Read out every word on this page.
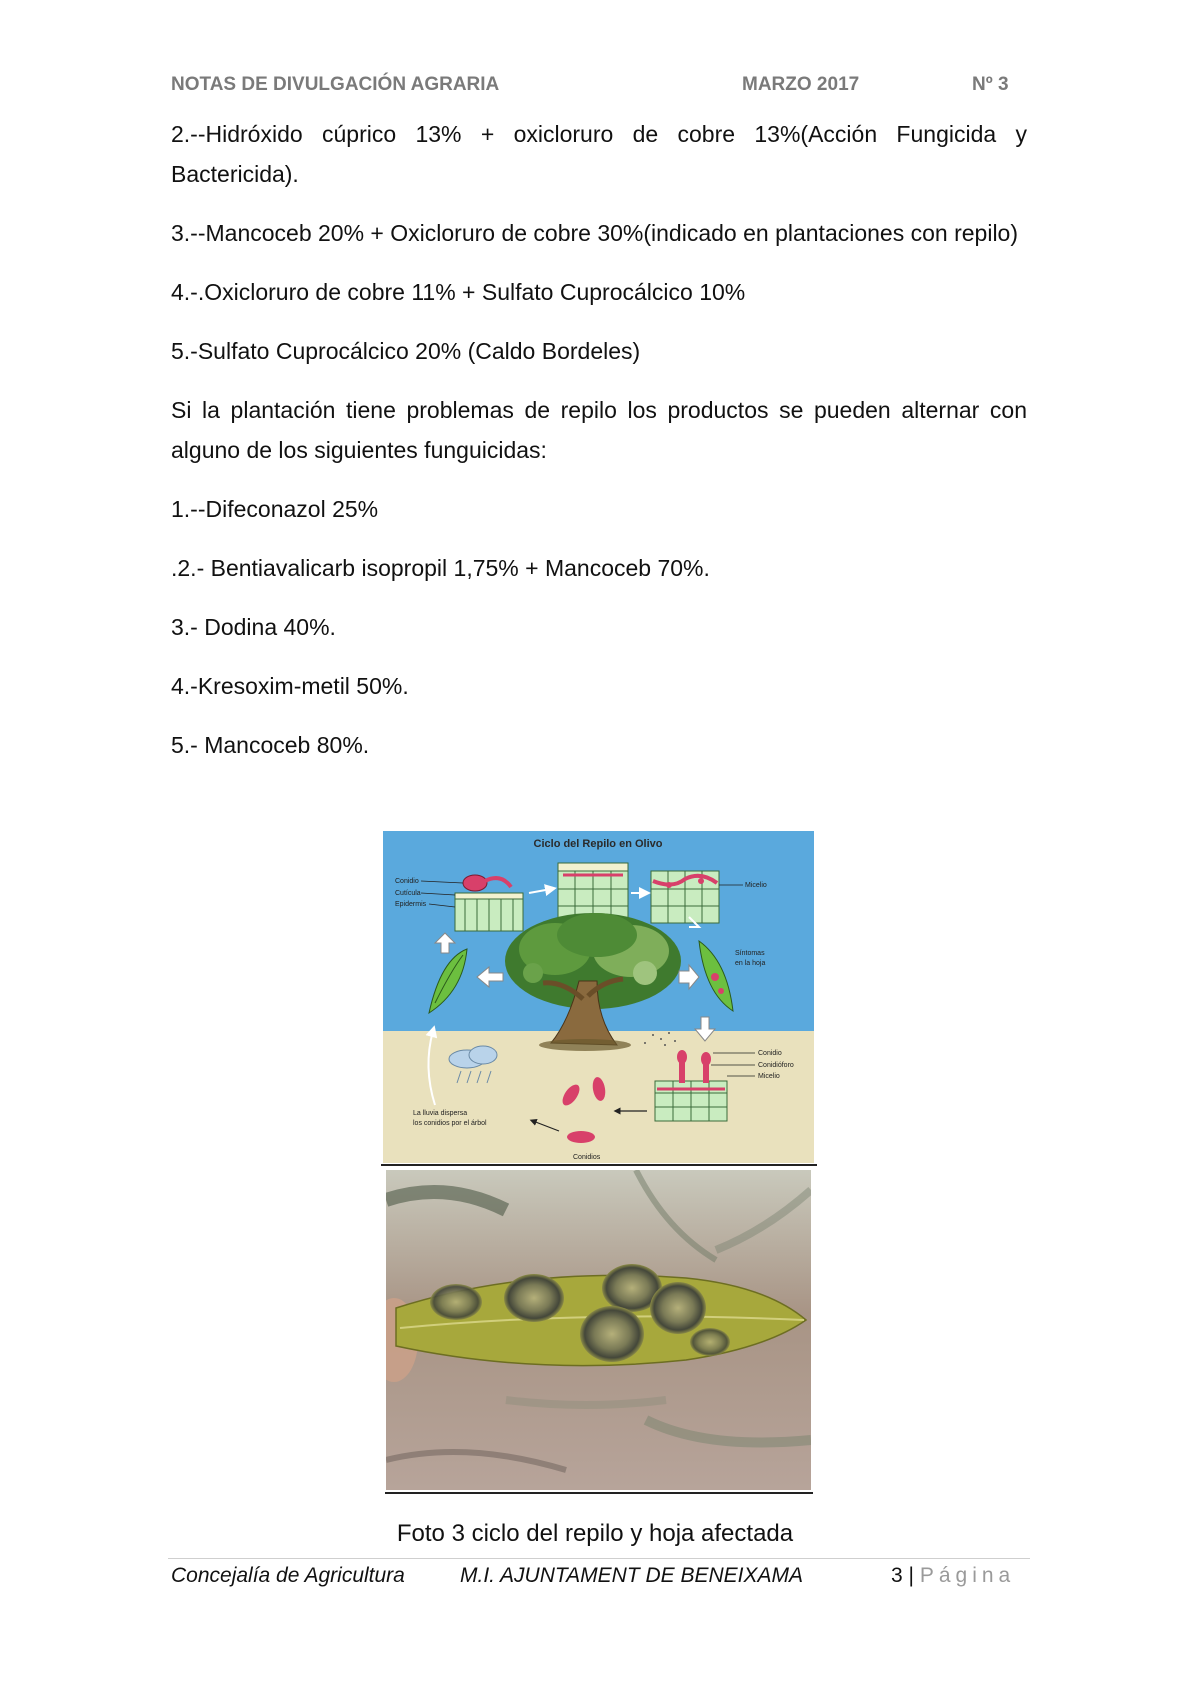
NOTAS DE DIVULGACIÓN AGRARIA	MARZO 2017	Nº 3

2.--Hidróxido cúprico 13% + oxicloruro de cobre 13%(Acción Fungicida y Bactericida).

3.--Mancoceb 20% + Oxicloruro de cobre 30%(indicado en plantaciones con repilo)

4.-.Oxicloruro de cobre 11% + Sulfato Cuprocálcico 10%

5.-Sulfato Cuprocálcico 20% (Caldo Bordeles)

Si la plantación tiene problemas de repilo los productos se pueden alternar con alguno de los siguientes funguicidas:

1.--Difeconazol 25%

.2.- Bentiavalicarb isopropil 1,75% + Mancoceb 70%.

3.- Dodina 40%.

4.-Kresoxim-metil 50%.

5.- Mancoceb 80%.

Ciclo del Repilo en Olivo
Conidio
Cutícula
Epidermis
Micelio
Síntomas
en la hoja
Conidio
Conidióforo
Micelio
Conidios
La lluvia dispersa
los conidios por el árbol
Foto 3 ciclo del repilo y hoja afectada
Concejalía de Agricultura	M.I. AJUNTAMENT DE BENEIXAMA	3 | Página
